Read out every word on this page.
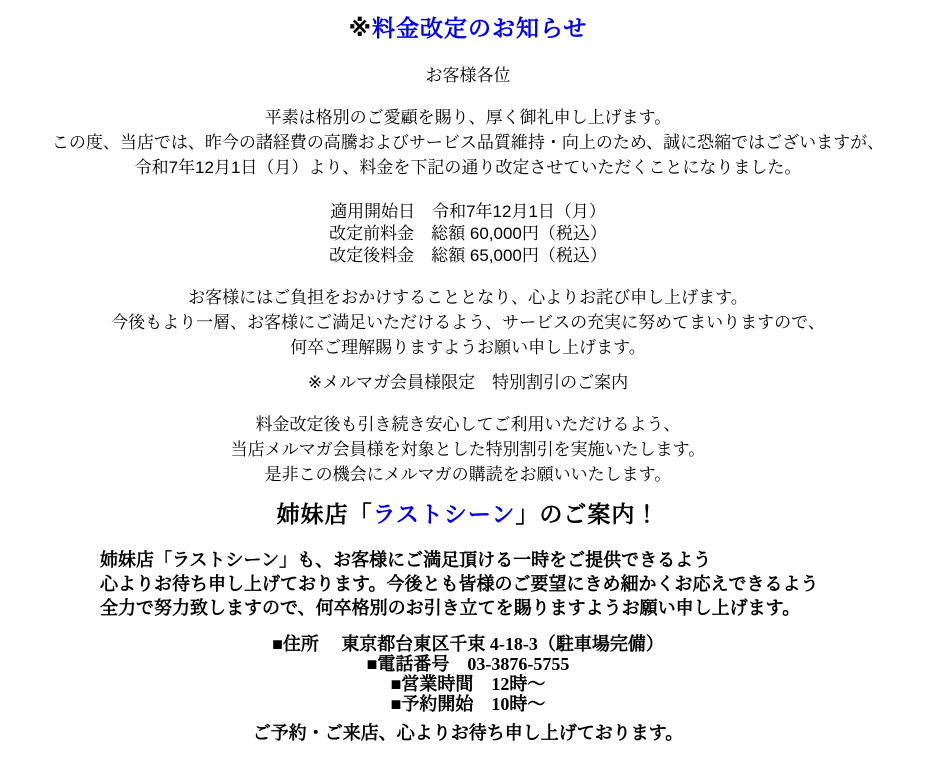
※料金改定のお知らせ
お客様各位
平素は格別のご愛顧を賜り、厚く御礼申し上げます。
この度、当店では、昨今の諸経費の高騰およびサービス品質維持・向上のため、誠に恐縮ではございますが、
令和7年12月1日（月）より、料金を下記の通り改定させていただくことになりました。
適用開始日　令和7年12月1日（月）
改定前料金　総額 60,000円（税込）
改定後料金　総額 65,000円（税込）
お客様にはご負担をおかけすることとなり、心よりお詫び申し上げます。
今後もより一層、お客様にご満足いただけるよう、サービスの充実に努めてまいりますので、
何卒ご理解賜りますようお願い申し上げます。
※メルマガ会員様限定　特別割引のご案内
料金改定後も引き続き安心してご利用いただけるよう、
当店メルマガ会員様を対象とした特別割引を実施いたします。
是非この機会にメルマガの購読をお願いいたします。
姉妹店「ラストシーン」のご案内！
姉妹店「ラストシーン」も、お客様にご満足頂ける一時をご提供できるよう
心よりお待ち申し上げております。今後とも皆様のご要望にきめ細かくお応えできるよう
全力で努力致しますので、何卒格別のお引き立てを賜りますようお願い申し上げます。
■住所　 東京都台東区千束 4-18-3（駐車場完備）
■電話番号　03-3876-5755
■営業時間　12時～
■予約開始　10時～
ご予約・ご来店、心よりお待ち申し上げております。
